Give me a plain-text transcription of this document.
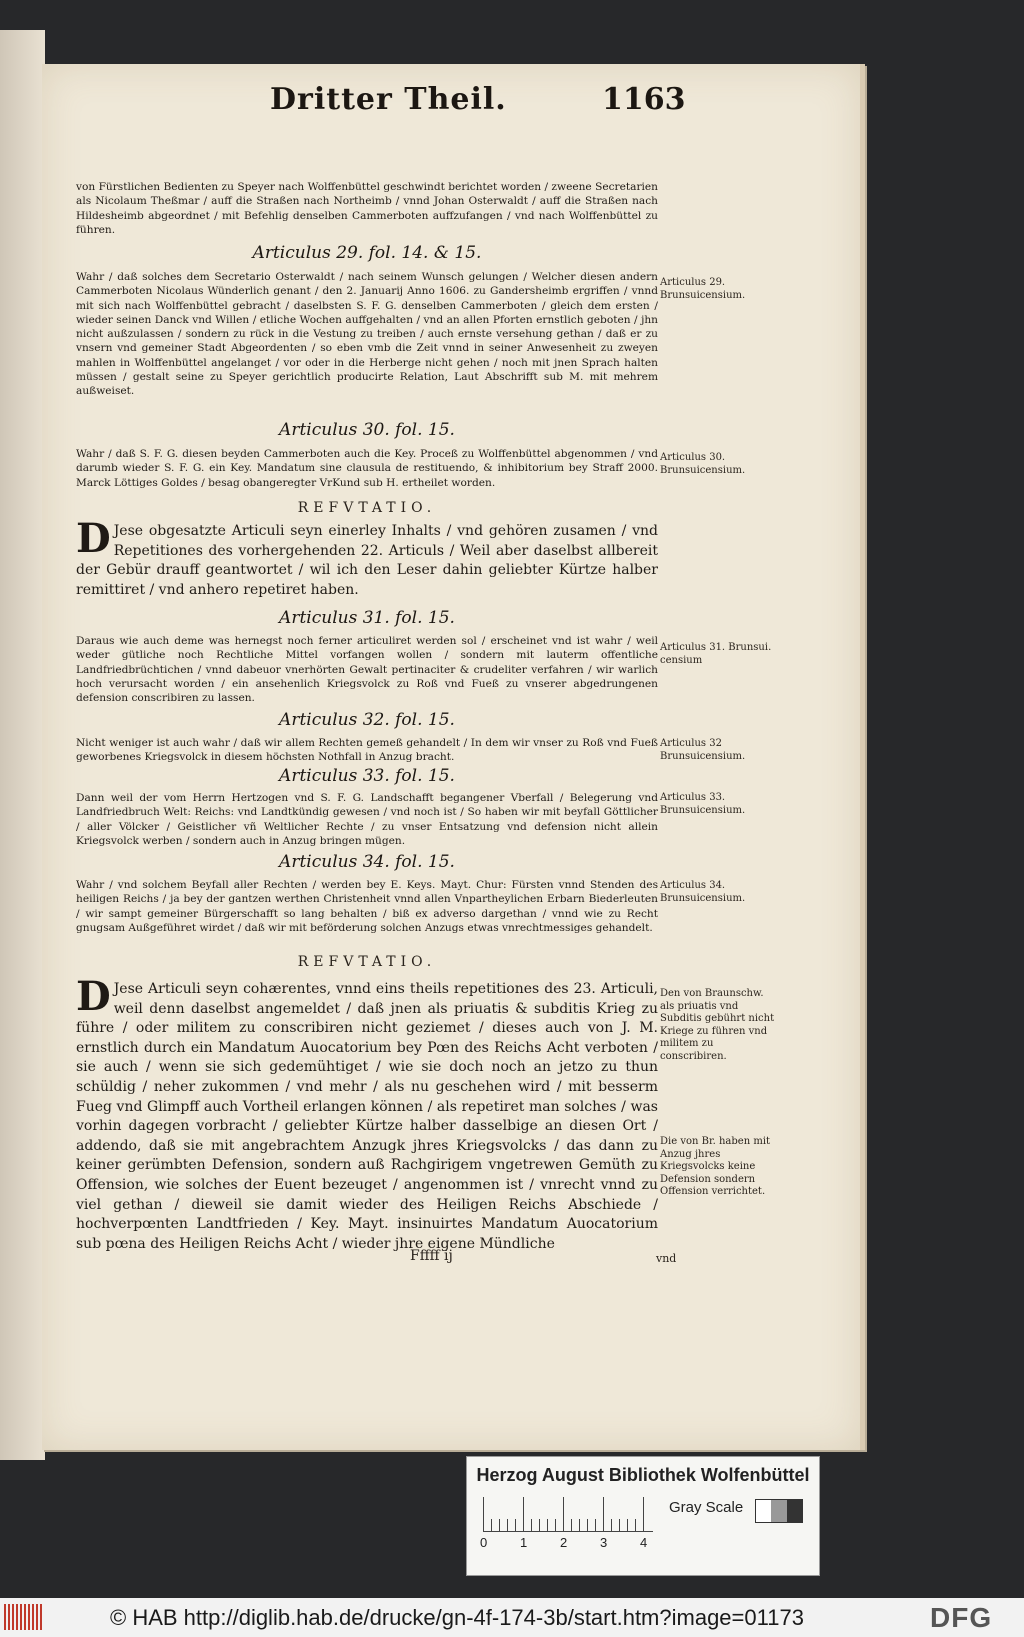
Dritter Theil.	1163
von Fürstlichen Bedienten zu Speyer nach Wolffenbüttel geschwindt berichtet worden / zweene Secretarien als Nicolaum Theßmar / auff die Straßen nach Northeimb / vnnd Johan Osterwaldt / auff die Straßen nach Hildesheimb abgeordnet / mit Befehlig denselben Cammerboten auffzufangen / vnd nach Wolffenbüttel zu führen.
Articulus 29. fol. 14. & 15.
Wahr / daß solches dem Secretario Osterwaldt / nach seinem Wunsch gelungen / Welcher diesen andern Cammerboten Nicolaus Wünderlich genant / den 2. Januarij Anno 1606. zu Gandersheimb ergriffen / vnnd mit sich nach Wolffenbüttel gebracht / daselbsten S. F. G. denselben Cammerboten / gleich dem ersten / wieder seinen Danck vnd Willen / etliche Wochen auffgehalten / vnd an allen Pforten ernstlich geboten / jhn nicht außzulassen / sondern zu rück in die Vestung zu treiben / auch ernste versehung gethan / daß er zu vnsern vnd gemeiner Stadt Abgeordenten / so eben vmb die Zeit vnnd in seiner Anwesenheit zu zweyen mahlen in Wolffenbüttel angelanget / vor oder in die Herberge nicht gehen / noch mit jnen Sprach halten müssen / gestalt seine zu Speyer gerichtlich producirte Relation, Laut Abschrifft sub M. mit mehrem außweiset.
Articulus 29. Brunsuicensium.
Articulus 30. fol. 15.
Wahr / daß S. F. G. diesen beyden Cammerboten auch die Key. Proceß zu Wolffenbüttel abgenommen / vnd darumb wieder S. F. G. ein Key. Mandatum sine clausula de restituendo, & inhibitorium bey Straff 2000. Marck Löttiges Goldes / besag obangeregter VrKund sub H. ertheilet worden.
Articulus 30. Brunsuicensium.
REFVTATIO.
D Jese obgesatzte Articuli seyn einerley Inhalts / vnd gehören zusamen / vnd Repetitiones des vorhergehenden 22. Articuls / Weil aber daselbst allbereit der Gebür drauff geantwortet / wil ich den Leser dahin geliebter Kürtze halber remittiret / vnd anhero repetiret haben.
Articulus 31. fol. 15.
Daraus wie auch deme was hernegst noch ferner articuliret werden sol / erscheinet vnd ist wahr / weil weder gütliche noch Rechtliche Mittel vorfangen wollen / sondern mit lauterm offentliche Landfriedbrüchtichen / vnnd dabeuor vnerhörten Gewalt pertinaciter & crudeliter verfahren / wir warlich hoch verursacht worden / ein ansehenlich Kriegsvolck zu Roß vnd Fueß zu vnserer abgedrungenen defension conscribiren zu lassen.
Articulus 31. Brunsui. censium
Articulus 32. fol. 15.
Nicht weniger ist auch wahr / daß wir allem Rechten gemeß gehandelt / In dem wir vnser zu Roß vnd Fueß geworbenes Kriegsvolck in diesem höchsten Nothfall in Anzug bracht.
Articulus 32 Brunsuicensium.
Articulus 33. fol. 15.
Dann weil der vom Herrn Hertzogen vnd S. F. G. Landschafft begangener Vberfall / Belegerung vnd Landfriedbruch Welt: Reichs: vnd Landtkündig gewesen / vnd noch ist / So haben wir mit beyfall Göttlicher / aller Völcker / Geistlicher vñ Weltlicher Rechte / zu vnser Entsatzung vnd defension nicht allein Kriegsvolck werben / sondern auch in Anzug bringen mügen.
Articulus 33. Brunsuicensium.
Articulus 34. fol. 15.
Wahr / vnd solchem Beyfall aller Rechten / werden bey E. Keys. Mayt. Chur: Fürsten vnnd Stenden des heiligen Reichs / ja bey der gantzen werthen Christenheit vnnd allen Vnpartheylichen Erbarn Biederleuten / wir sampt gemeiner Bürgerschafft so lang behalten / biß ex adverso dargethan / vnnd wie zu Recht gnugsam Außgeführet wirdet / daß wir mit beförderung solchen Anzugs etwas vnrechtmessiges gehandelt.
Articulus 34. Brunsuicensium.
REFVTATIO.
D Jese Articuli seyn cohærentes, vnnd eins theils repetitiones des 23. Articuli, weil denn daselbst angemeldet / daß jnen als priuatis & subditis Krieg zu führe / oder militem zu conscribiren nicht geziemet / dieses auch von J. M. ernstlich durch ein Mandatum Auocatorium bey Pœn des Reichs Acht verboten / sie auch / wenn sie sich gedemühtiget / wie sie doch noch an jetzo zu thun schüldig / neher zukommen / vnd mehr / als nu geschehen wird / mit besserm Fueg vnd Glimpff auch Vortheil erlangen können / als repetiret man solches / was vorhin dagegen vorbracht / geliebter Kürtze halber dasselbige an diesen Ort / addendo, daß sie mit angebrachtem Anzugk jhres Kriegsvolcks / das dann zu keiner gerümbten Defension, sondern auß Rachgirigem vngetrewen Gemüth zu Offension, wie solches der Euent bezeuget / angenommen ist / vnrecht vnnd zu viel gethan / dieweil sie damit wieder des Heiligen Reichs Abschiede / hochverpœnten Landtfrieden / Key. Mayt. insinuirtes Mandatum Auocatorium sub pœna des Heiligen Reichs Acht / wieder jhre eigene Mündliche
Den von Braunschw. als priuatis vnd Subditis gebührt nicht Kriege zu führen vnd militem zu conscribiren.
Die von Br. haben mit Anzug jhres Kriegsvolcks keine Defension sondern Offension verrichtet.
Fffff ij	vnd
Herzog August Bibliothek Wolfenbüttel
0	1	2	3	4
Gray Scale
© HAB http://diglib.hab.de/drucke/gn-4f-174-3b/start.htm?image=01173	DFG
